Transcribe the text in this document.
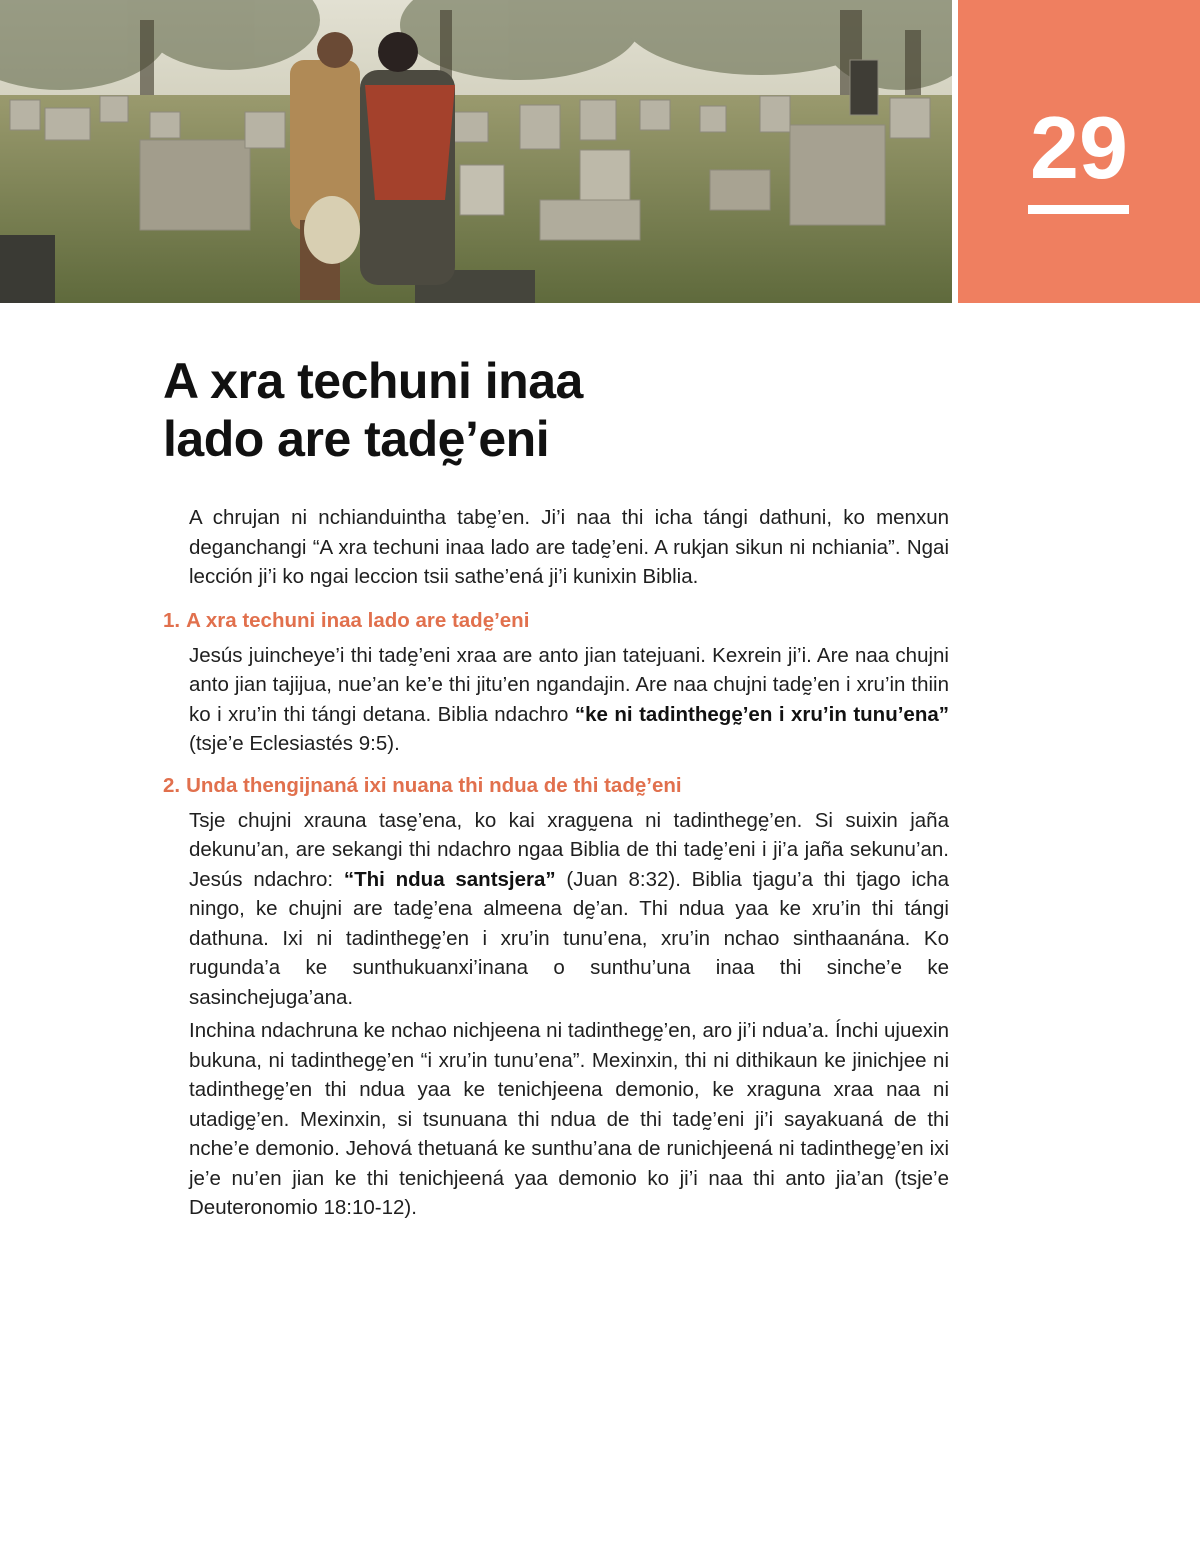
29
A xra techuni inaa
lado are tadḛ’eni

A chrujan ni nchianduintha tabḛ’en. Ji’i naa thi icha tángi dathuni, ko menxun deganchangi “A xra techuni inaa lado are tadḛ’eni. A rukjan sikun ni nchiania”. Ngai lección ji’i ko ngai leccion tsii sathe’ená ji’i kunixin Biblia.

1. A xra techuni inaa lado are tadḛ’eni

Jesús juincheye’i thi tadḛ’eni xraa are anto jian tatejuani. Kexrein ji’i. Are naa chujni anto jian tajijua, nue’an ke’e thi jitu’en ngandajin. Are naa chujni tadḛ’en i xru’in thiin ko i xru’in thi tángi detana. Biblia ndachro “ke ni tadinthegḛ’en i xru’in tunu’ena” (tsje’e Eclesiastés 9:5).

2. Unda thengijnaná ixi nuana thi ndua de thi tadḛ’eni

Tsje chujni xrauna tasḛ’ena, ko kai xragṵena ni tadinthegḛ’en. Si suixin jaña dekunu’an, are sekangi thi ndachro ngaa Biblia de thi tadḛ’eni i ji’a jaña sekunu’an. Jesús ndachro: “Thi ndua santsjera” (Juan 8:32). Biblia tjagu’a thi tjago icha ningo, ke chujni are tadḛ’ena almeena dḛ’an. Thi ndua yaa ke xru’in thi tángi dathuna. Ixi ni tadinthegḛ’en i xru’in tunu’ena, xru’in nchao sinthaanána. Ko rugunda’a ke sunthukuanxi’inana o sunthu’una inaa thi sinche’e ke sasinchejuga’ana.

Inchina ndachruna ke nchao nichjeena ni tadinthegḛ’en, aro ji’i ndua’a. Ínchi ujuexin bukuna, ni tadinthegḛ’en “i xru’in tunu’ena”. Mexinxin, thi ni dithikaun ke jinichjee ni tadinthegḛ’en thi ndua yaa ke tenichjeena demonio, ke xraguna xraa naa ni utadigḛ’en. Mexinxin, si tsunuana thi ndua de thi tadḛ’eni ji’i sayakuaná de thi nche’e demonio. Jehová thetuaná ke sunthu’ana de runichjeená ni tadinthegḛ’en ixi je’e nu’en jian ke thi tenichjeená yaa demonio ko ji’i naa thi anto jia’an (tsje’e Deuteronomio 18:10-12).
